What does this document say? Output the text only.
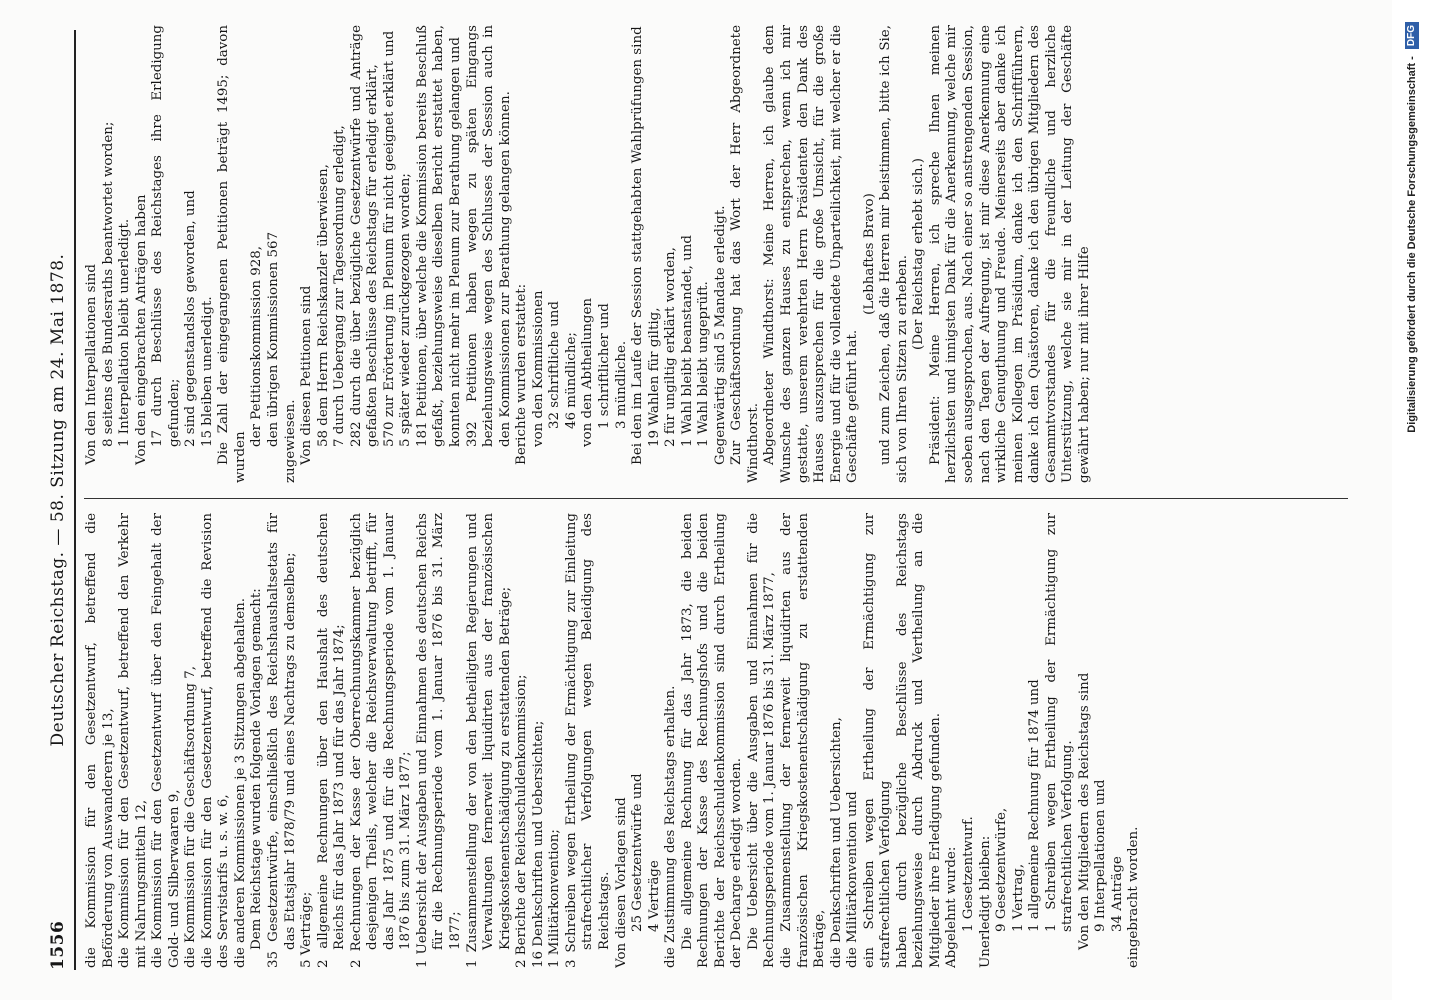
1556
Deutscher Reichstag. — 58. Sitzung am 24. Mai 1878. die Kommission für den Gesetzentwurf, betreffend die Beförderung von Auswanderern je 13, die Kommission für den Gesetzentwurf, betreffend den Verkehr mit Nahrungsmitteln 12, die Kommission für den Gesetzentwurf über den Feingehalt der Gold- und Silberwaaren 9, die Kommission für die Geschäftsordnung 7, die Kommission für den Gesetzentwurf, betreffend die Revision des Servistarifs u. s. w. 6, die anderen Kommissionen je 3 Sitzungen abgehalten. Dem Reichstage wurden folgende Vorlagen gemacht: 35 Gesetzentwürfe, einschließlich des Reichshaushaltsetats für das Etatsjahr 1878/79 und eines Nachtrags zu demselben; 5 Verträge; 2 allgemeine Rechnungen über den Haushalt des deutschen Reichs für das Jahr 1873 und für das Jahr 1874; 2 Rechnungen der Kasse der Oberrechnungskammer bezüglich desjenigen Theils, welcher die Reichsverwaltung betrifft, für das Jahr 1875 und für die Rechnungsperiode vom 1. Januar 1876 bis zum 31. März 1877; 1 Uebersicht der Ausgaben und Einnahmen des deutschen Reichs für die Rechnungsperiode vom 1. Januar 1876 bis 31. März 1877; 1 Zusammenstellung der von den betheiligten Regierungen und Verwaltungen fernerweit liquidirten aus der französischen Kriegskostenentschädigung zu erstattenden Beträge; 2 Berichte der Reichsschuldenkommission; 16 Denkschriften und Uebersichten; 1 Militärkonvention; 3 Schreiben wegen Ertheilung der Ermächtigung zur Einleitung strafrechtlicher Verfolgungen wegen Beleidigung des Reichstags. Von diesen Vorlagen sind 25 Gesetzentwürfe und 4 Verträge die Zustimmung des Reichstags erhalten. Die allgemeine Rechnung für das Jahr 1873, die beiden Rechnungen der Kasse des Rechnungshofs und die beiden Berichte der Reichsschuldenkommission sind durch Ertheilung der Decharge erledigt worden. Die Uebersicht über die Ausgaben und Einnahmen für die Rechnungsperiode vom 1. Januar 1876 bis 31. März 1877, die Zusammenstellung der fernerweit liquidirten aus der französischen Kriegskostenentschädigung zu erstattenden Beträge, die Denkschriften und Uebersichten, die Militärkonvention und ein Schreiben wegen Ertheilung der Ermächtigung zur strafrechtlichen Verfolgung haben durch bezügliche Beschlüsse des Reichstags beziehungsweise durch Abdruck und Vertheilung an die Mitglieder ihre Erledigung gefunden. Abgelehnt wurde: 1 Gesetzentwurf. Unerledigt bleiben: 9 Gesetzentwürfe, 1 Vertrag, 1 allgemeine Rechnung für 1874 und 1 Schreiben wegen Ertheilung der Ermächtigung zur strafrechtlichen Verfolgung. Von den Mitgliedern des Reichstags sind 9 Interpellationen und 34 Anträge eingebracht worden.

Von den Interpellationen sind 8 seitens des Bundesraths beantwortet worden; 1 Interpellation bleibt unerledigt. Von den eingebrachten Anträgen haben 17 durch Beschlüsse des Reichstages ihre Erledigung gefunden; 2 sind gegenstandslos geworden, und 15 bleiben unerledigt. Die Zahl der eingegangenen Petitionen beträgt 1495; davon wurden

der Petitionskommission 928, den übrigen Kommissionen 567 zugewiesen. Von diesen Petitionen sind 58 dem Herrn Reichskanzler überwiesen, 7 durch Uebergang zur Tagesordnung erledigt, 282 durch die über bezügliche Gesetzentwürfe und Anträge gefaßten Beschlüsse des Reichstags für erledigt erklärt, 570 zur Erörterung im Plenum für nicht geeignet erklärt und 5 später wieder zurückgezogen worden; 181 Petitionen, über welche die Kommission bereits Beschluß gefaßt, beziehungsweise dieselben Bericht erstattet haben, konnten nicht mehr im Plenum zur Berathung gelangen und 392 Petitionen haben wegen zu späten Eingangs beziehungsweise wegen des Schlusses der Session auch in den Kommissionen zur Berathung gelangen können. Berichte wurden erstattet: von den Kommissionen 32 schriftliche und 46 mündliche; von den Abtheilungen 1 schriftlicher und 3 mündliche. Bei den im Laufe der Session stattgehabten Wahlprüfungen sind 19 Wahlen für giltig, 2 für ungiltig erklärt worden, 1 Wahl bleibt beanstandet, und 1 Wahl bleibt ungeprüft. Gegenwärtig sind 5 Mandate erledigt. Zur Geschäftsordnung hat das Wort der Herr Abgeordnete Windthorst. Abgeordneter Windthorst: Meine Herren, ich glaube dem Wunsche des ganzen Hauses zu entsprechen, wenn ich mir gestatte, unserem verehrten Herrn Präsidenten den Dank des Hauses auszusprechen für die große Umsicht, für die große Energie und für die vollendete Unparteilichkeit, mit welcher er die Geschäfte geführt hat.

(Lebhaftes Bravo) und zum Zeichen, daß die Herren mir beistimmen, bitte ich Sie, sich von Ihren Sitzen zu erheben.

(Der Reichstag erhebt sich.) Präsident: Meine Herren, ich spreche Ihnen meinen herzlichsten und innigsten Dank für die Anerkennung, welche mir soeben ausgesprochen, aus. Nach einer so anstrengenden Session, nach den Tagen der Aufregung, ist mir diese Anerkennung eine wirkliche Genugthuung und Freude. Meinerseits aber danke ich meinen Kollegen im Präsidium, danke ich den Schriftführern, danke ich den Quästoren, danke ich den übrigen Mitgliedern des Gesammtvorstandes für die freundliche und herzliche Unterstützung, welche sie mir in der Leitung der Geschäfte gewährt haben; nur mit ihrer Hilfe	Digitalisierung gefördert durch die Deutsche Forschungsgemeinschaft - DFG
